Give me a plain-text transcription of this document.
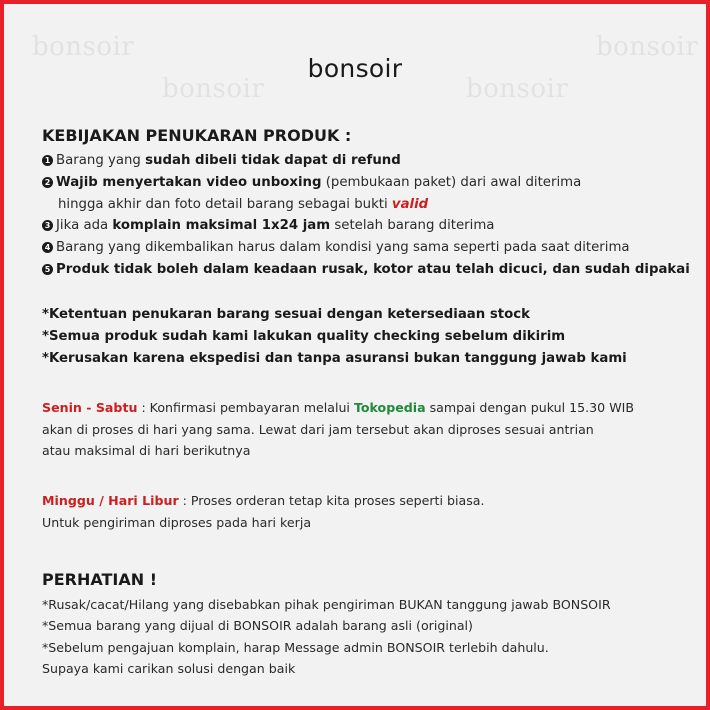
bonsoir
bonsoir	bonsoir
bonsoir
bonsoir
KEBIJAKAN PENUKARAN PRODUK :
1 Barang yang sudah dibeli tidak dapat di refund
2 Wajib menyertakan video unboxing (pembukaan paket) dari awal diterima
hingga akhir dan foto detail barang sebagai bukti valid
3 Jika ada komplain maksimal 1x24 jam setelah barang diterima
4 Barang yang dikembalikan harus dalam kondisi yang sama seperti pada saat diterima
5 Produk tidak boleh dalam keadaan rusak, kotor atau telah dicuci, dan sudah dipakai
*Ketentuan penukaran barang sesuai dengan ketersediaan stock
*Semua produk sudah kami lakukan quality checking sebelum dikirim
*Kerusakan karena ekspedisi dan tanpa asuransi bukan tanggung jawab kami
Senin - Sabtu : Konfirmasi pembayaran melalui Tokopedia sampai dengan pukul 15.30 WIB
akan di proses di hari yang sama. Lewat dari jam tersebut akan diproses sesuai antrian
atau maksimal di hari berikutnya
Minggu / Hari Libur : Proses orderan tetap kita proses seperti biasa.
Untuk pengiriman diproses pada hari kerja
PERHATIAN !
*Rusak/cacat/Hilang yang disebabkan pihak pengiriman BUKAN tanggung jawab BONSOIR
*Semua barang yang dijual di BONSOIR adalah barang asli (original)
*Sebelum pengajuan komplain, harap Message admin BONSOIR terlebih dahulu.
Supaya kami carikan solusi dengan baik
